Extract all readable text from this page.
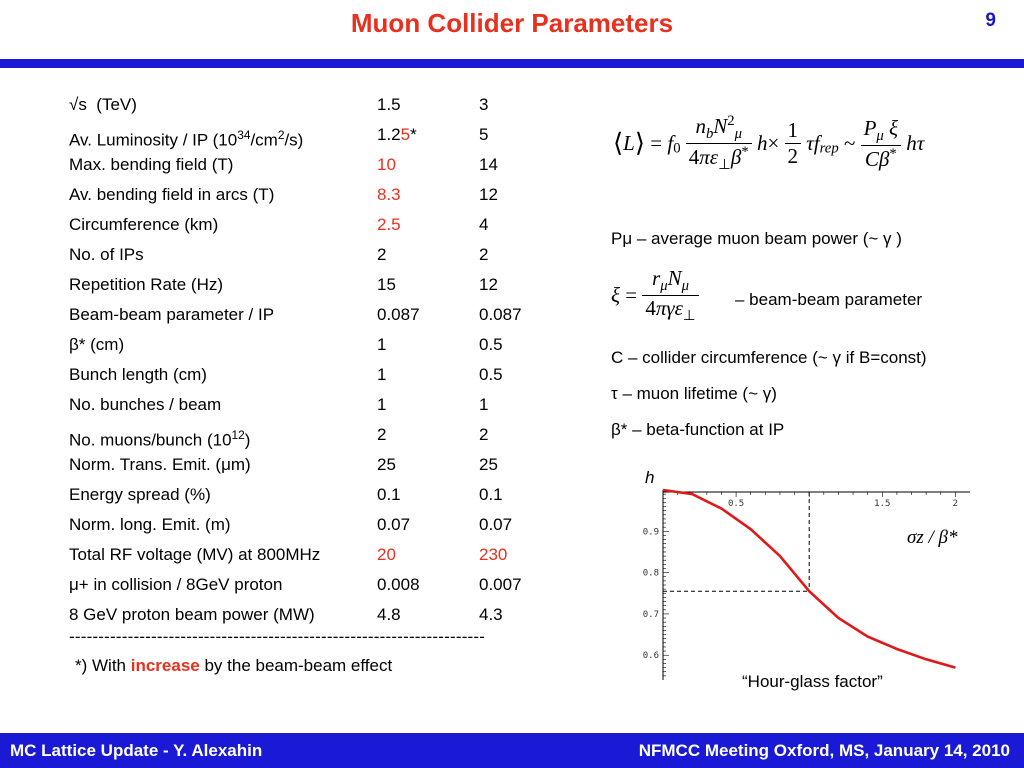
Muon Collider Parameters	9
√s  (TeV)	1.5	3
Av. Luminosity / IP $(10^{34}/cm^2/s)$	1.25*	5
Max. bending field (T)	10	14
Av. bending field in arcs (T)	8.3	12
Circumference (km)	2.5	4
No. of IPs	2	2
Repetition Rate (Hz)	15	12
Beam-beam parameter / IP	0.087	0.087
β* (cm)	1	0.5
Bunch length (cm)	1	0.5
No. bunches / beam	1	1
No. muons/bunch $(10^{12})$	2	2
Norm. Trans. Emit. (μm)	25	25
Energy spread (%)	0.1	0.1
Norm. long. Emit. (m)	0.07	0.07
Total RF voltage (MV) at 800MHz	20	230
μ+ in collision / 8GeV proton	0.008	0.007
8 GeV proton beam power (MW)	4.8	4.3
-----------------------------------------------------------------------
*) With increase by the beam-beam effect
⟨L⟩ = $f_0 \frac{n_bN^2_\mu}{4\pi\varepsilon_\perp\beta^*} h\times \frac{1}{2} \tau f_{rep}$ ~ $\frac{P_\mu \xi}{C\beta^*}$ hτ
Pμ – average muon beam power (~ γ )
$\xi = \frac{r_\mu N_\mu}{4\pi\gamma\varepsilon_\perp}$ – beam-beam parameter
C – collider circumference (~ γ if B=const)
τ – muon lifetime (~ γ)
β* – beta-function at IP
h
0.5	1.5	2
0.9
0.8
0.7
0.6
σz / β*
“Hour-glass factor”
MC Lattice Update - Y. Alexahin	NFMCC Meeting Oxford, MS, January 14, 2010
